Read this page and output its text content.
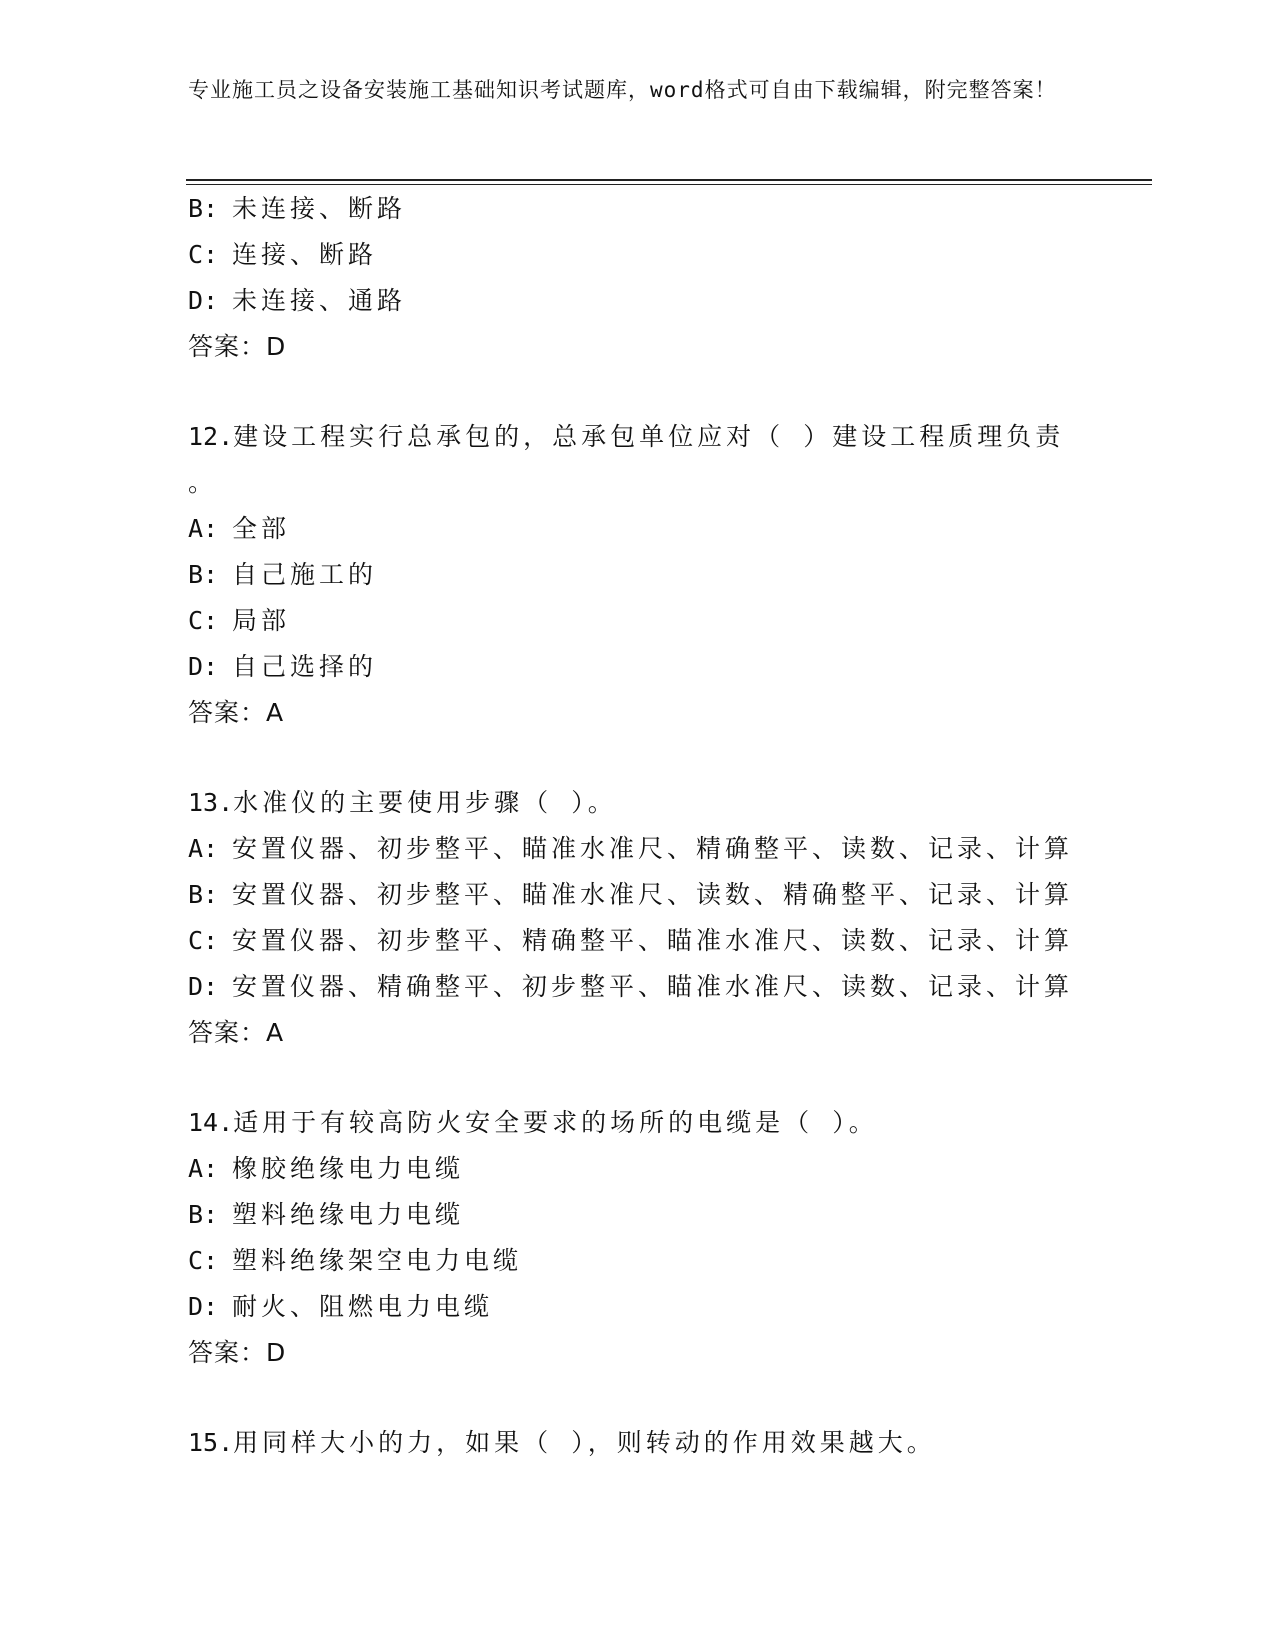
专业施工员之设备安装施工基础知识考试题库，word格式可自由下载编辑，附完整答案！
B: 未连接、断路
C: 连接、断路
D: 未连接、通路
答案：D
12.建设工程实行总承包的，总承包单位应对（ ）建设工程质理负责
。
A: 全部
B: 自己施工的
C: 局部
D: 自己选择的
答案：A
13.水准仪的主要使用步骤（ ）。
A: 安置仪器、初步整平、瞄准水准尺、精确整平、读数、记录、计算
B: 安置仪器、初步整平、瞄准水准尺、读数、精确整平、记录、计算
C: 安置仪器、初步整平、精确整平、瞄准水准尺、读数、记录、计算
D: 安置仪器、精确整平、初步整平、瞄准水准尺、读数、记录、计算
答案：A
14.适用于有较高防火安全要求的场所的电缆是（ ）。
A: 橡胶绝缘电力电缆
B: 塑料绝缘电力电缆
C: 塑料绝缘架空电力电缆
D: 耐火、阻燃电力电缆
答案：D
15.用同样大小的力，如果（ ），则转动的作用效果越大。
